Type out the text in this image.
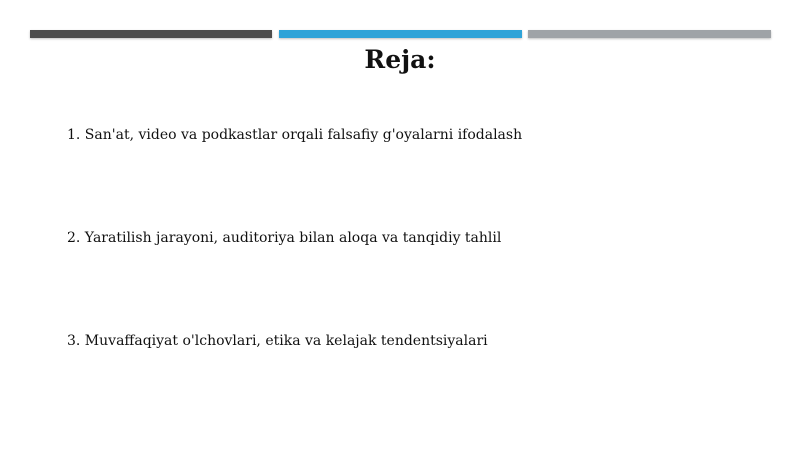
Reja:
1. San'at, video va podkastlar orqali falsafiy g'oyalarni ifodalash
2. Yaratilish jarayoni, auditoriya bilan aloqa va tanqidiy tahlil
3. Muvaffaqiyat o'lchovlari, etika va kelajak tendentsiyalari
